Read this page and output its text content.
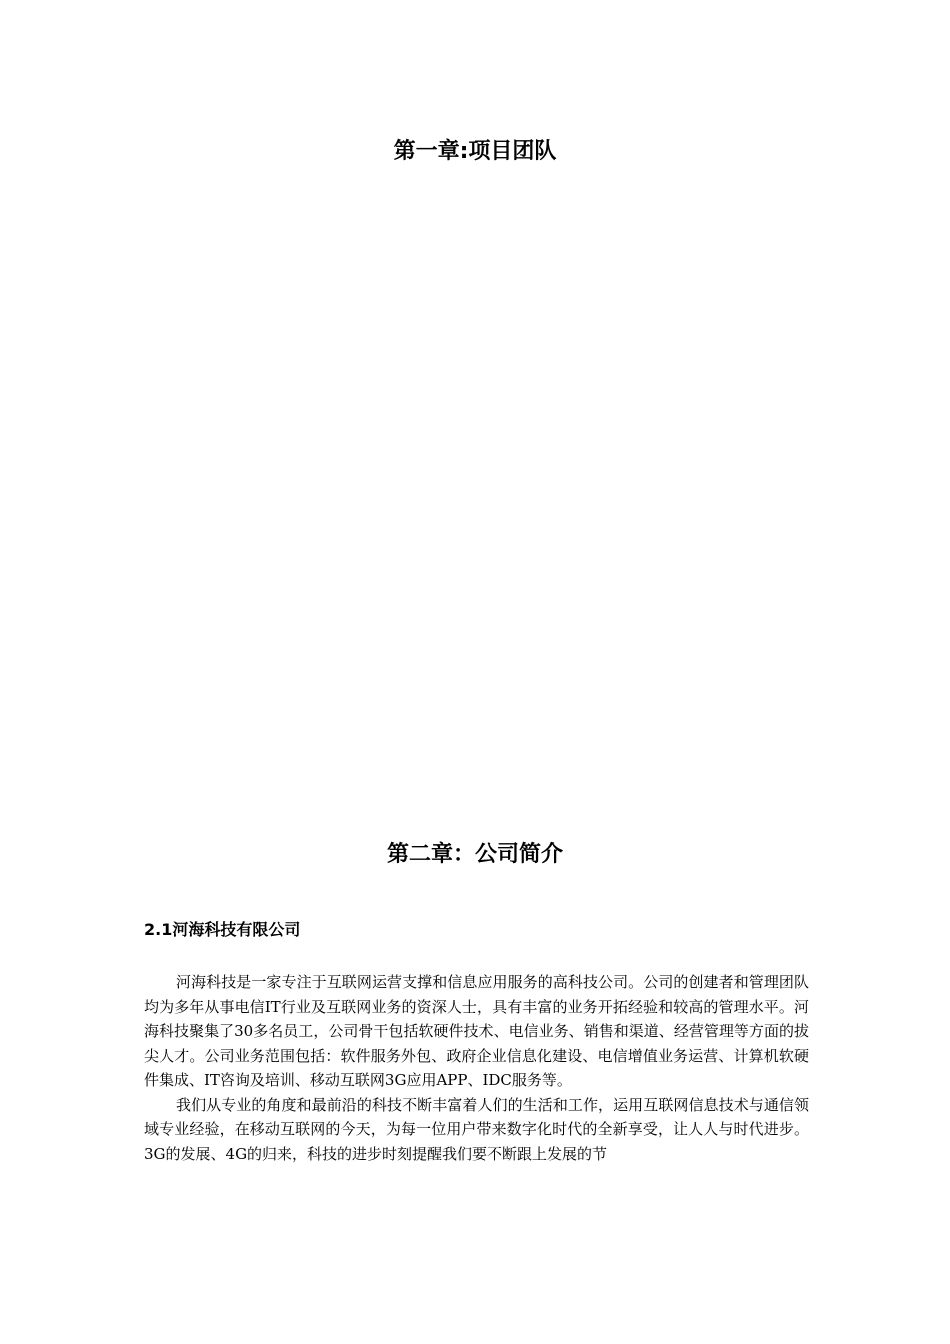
第一章:项目团队
第二章：公司简介
2.1河海科技有限公司

河海科技是一家专注于互联网运营支撑和信息应用服务的高科技公司。公司的创建者和管理团队均为多年从事电信IT行业及互联网业务的资深人士，具有丰富的业务开拓经验和较高的管理水平。河海科技聚集了30多名员工，公司骨干包括软硬件技术、电信业务、销售和渠道、经营管理等方面的拔尖人才。公司业务范围包括：软件服务外包、政府企业信息化建设、电信增值业务运营、计算机软硬件集成、IT咨询及培训、移动互联网3G应用APP、IDC服务等。

我们从专业的角度和最前沿的科技不断丰富着人们的生活和工作，运用互联网信息技术与通信领域专业经验，在移动互联网的今天，为每一位用户带来数字化时代的全新享受，让人人与时代进步。3G的发展、4G的归来，科技的进步时刻提醒我们要不断跟上发展的节
